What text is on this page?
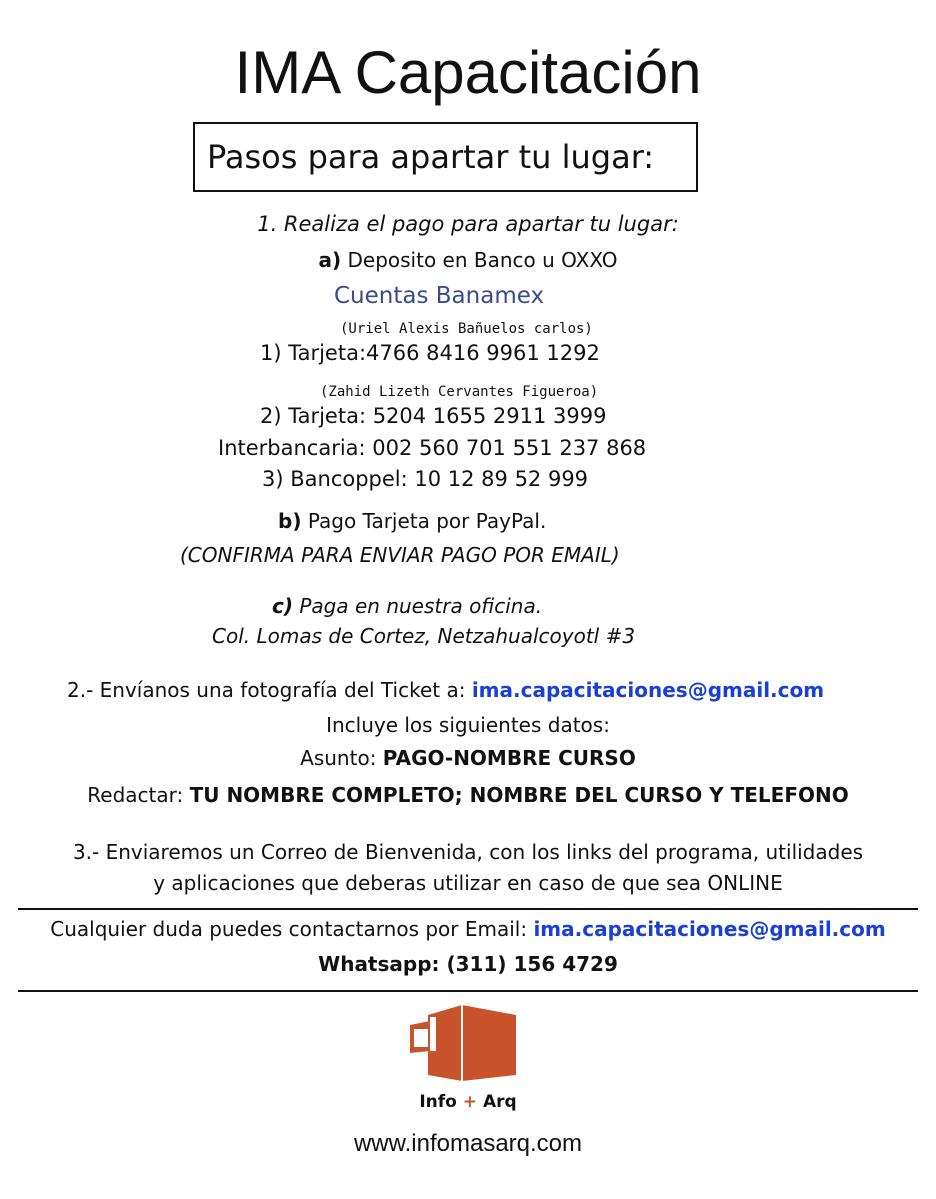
IMA Capacitación
Pasos para apartar tu lugar:
1. Realiza el pago para apartar tu lugar:
a) Deposito en Banco u OXXO
Cuentas Banamex
(Uriel Alexis Bañuelos carlos)
1) Tarjeta:4766 8416 9961 1292
(Zahid Lizeth Cervantes Figueroa)
2) Tarjeta: 5204 1655 2911 3999
Interbancaria: 002 560 701 551 237 868
3) Bancoppel: 10 12 89 52 999
b) Pago Tarjeta por PayPal.
(CONFIRMA PARA ENVIAR PAGO POR EMAIL)
c) Paga en nuestra oficina.
Col. Lomas de Cortez, Netzahualcoyotl #3
2.- Envíanos una fotografía del Ticket a: ima.capacitaciones@gmail.com
Incluye los siguientes datos:
Asunto: PAGO-NOMBRE CURSO
Redactar: TU NOMBRE COMPLETO; NOMBRE DEL CURSO Y TELEFONO
3.- Enviaremos un Correo de Bienvenida, con los links del programa, utilidades
y aplicaciones que deberas utilizar en caso de que sea ONLINE
Cualquier duda puedes contactarnos por Email: ima.capacitaciones@gmail.com
Whatsapp: (311) 156 4729
Info + Arq
www.infomasarq.com
